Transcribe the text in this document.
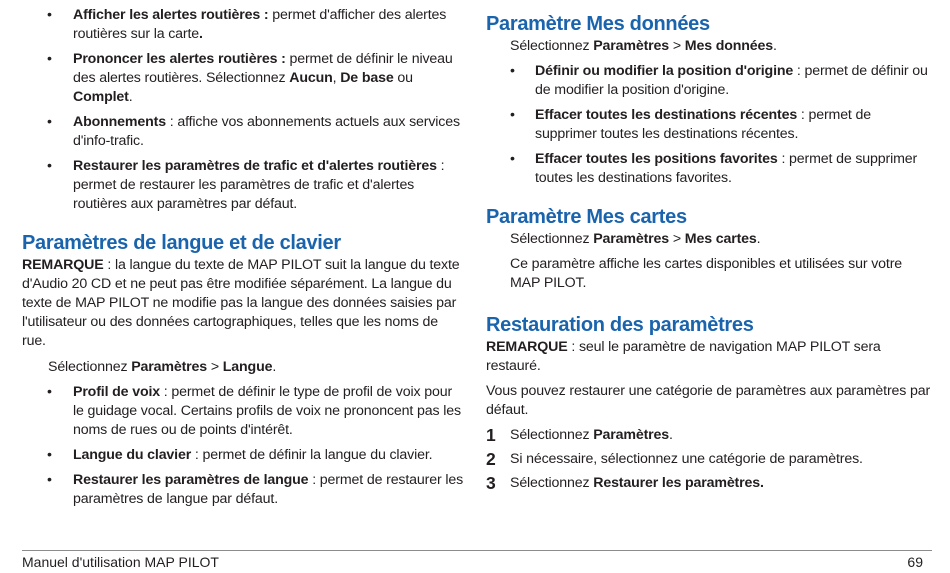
• Afficher les alertes routières : permet d'afficher des alertes routières sur la carte.
• Prononcer les alertes routières : permet de définir le niveau des alertes routières. Sélectionnez Aucun, De base ou Complet.
• Abonnements : affiche vos abonnements actuels aux services d'info-trafic.
• Restaurer les paramètres de trafic et d'alertes routières : permet de restaurer les paramètres de trafic et d'alertes routières aux paramètres par défaut.
Paramètres de langue et de clavier

REMARQUE : la langue du texte de MAP PILOT suit la langue du texte d'Audio 20 CD et ne peut pas être modifiée séparément. La langue du texte de MAP PILOT ne modifie pas la langue des données saisies par l'utilisateur ou des données cartographiques, telles que les noms de rue.

Sélectionnez Paramètres > Langue.

• Profil de voix : permet de définir le type de profil de voix pour le guidage vocal. Certains profils de voix ne prononcent pas les noms de rues ou de points d'intérêt.
• Langue du clavier : permet de définir la langue du clavier.
• Restaurer les paramètres de langue : permet de restaurer les paramètres de langue par défaut.
Paramètre Mes données

Sélectionnez Paramètres > Mes données.

• Définir ou modifier la position d'origine : permet de définir ou de modifier la position d'origine.
• Effacer toutes les destinations récentes : permet de supprimer toutes les destinations récentes.
• Effacer toutes les positions favorites : permet de supprimer toutes les destinations favorites.
Paramètre Mes cartes

Sélectionnez Paramètres > Mes cartes.

Ce paramètre affiche les cartes disponibles et utilisées sur votre MAP PILOT.

Restauration des paramètres

REMARQUE : seul le paramètre de navigation MAP PILOT sera restauré.

Vous pouvez restaurer une catégorie de paramètres aux paramètres par défaut.

1 Sélectionnez Paramètres.
2 Si nécessaire, sélectionnez une catégorie de paramètres.
3 Sélectionnez Restaurer les paramètres.
Manuel d'utilisation MAP PILOT	69
